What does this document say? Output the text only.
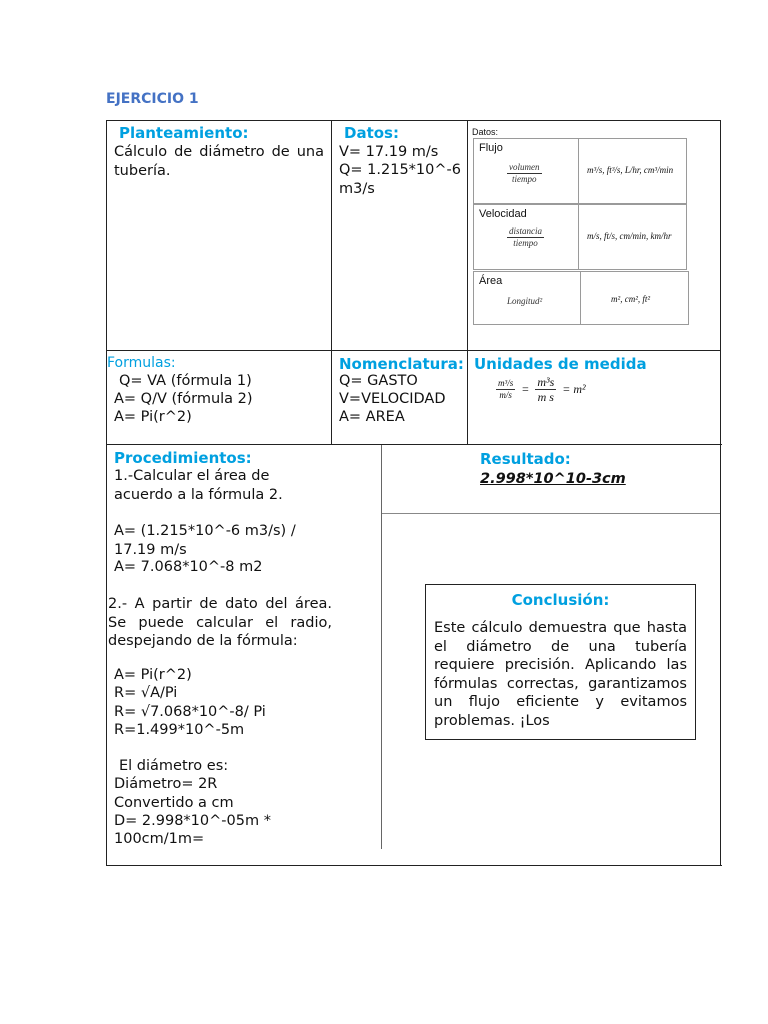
EJERCICIO 1
Planteamiento:
Cálculo de diámetro de una tubería.
Datos:
V= 17.19 m/s
Q= 1.215*10^-6
m3/s
Datos:
Flujo
$\frac{\text{volumen}}{\text{tiempo}}$	m³/s, ft³/s, L/hr, cm³/min
Velocidad
$\frac{\text{distancia}}{\text{tiempo}}$	m/s, ft/s, cm/min, km/hr
Área
Longitud²	m², cm², ft²
Formulas:
Q= VA (fórmula 1)
A= Q/V (fórmula 2)
A= Pi(r^2)
Nomenclatura:
Q= GASTO
V=VELOCIDAD
A= AREA
Unidades de medida
$\frac{\text{m³/s}}{m/s} = \frac{\text{m³s}}{\text{m s}} = m^2$
Procedimientos:
1.-Calcular el área de acuerdo a la fórmula 2.
A= (1.215*10^-6 m3/s) / 17.19 m/s
A= 7.068*10^-8 m2
2.- A partir de dato del área. Se puede calcular el radio, despejando de la fórmula:
A= Pi(r^2)
R= √A/Pi
R= √7.068*10^-8/ Pi
R=1.499*10^-5m
El diámetro es:
Diámetro= 2R
Convertido a cm
D= 2.998*10^-05m *
100cm/1m=
Resultado:
2.998*10^10-3cm
Conclusión:
Este cálculo demuestra que hasta el diámetro de una tubería requiere precisión. Aplicando las fórmulas correctas, garantizamos un flujo eficiente y evitamos problemas. ¡Los
